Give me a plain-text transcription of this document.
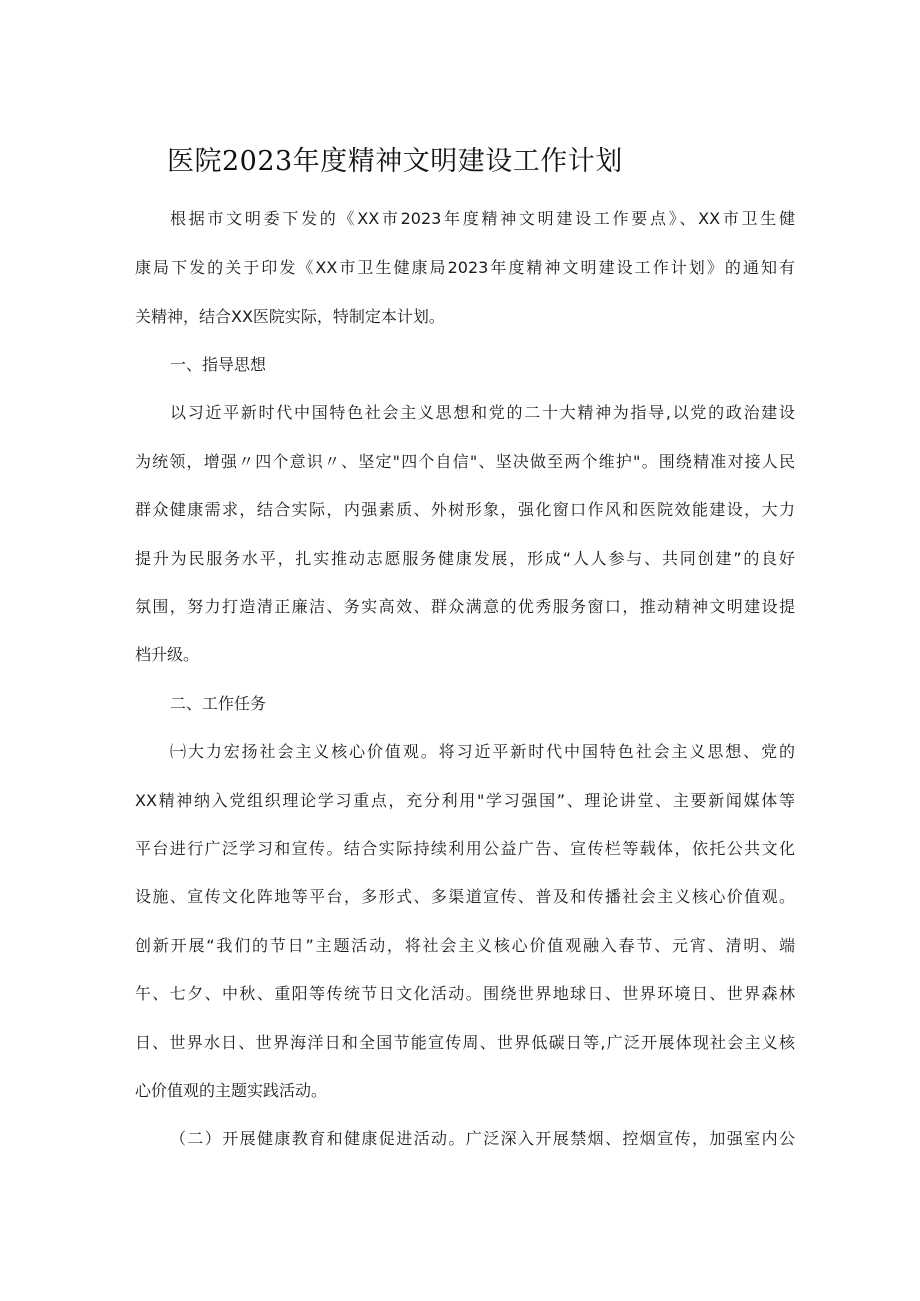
医院2023年度精神文明建设工作计划
根据市文明委下发的《XX市2023年度精神文明建设工作要点》、XX市卫生健
康局下发的关于印发《XX市卫生健康局2023年度精神文明建设工作计划》的通知有
关精神，结合XX医院实际，特制定本计划。
一、指导思想
以习近平新时代中国特色社会主义思想和党的二十大精神为指导,以党的政治建设
为统领，增强〃四个意识〃、坚定"四个自信"、坚决做至两个维护"。围绕精准对接人民
群众健康需求，结合实际，内强素质、外树形象，强化窗口作风和医院效能建设，大力
提升为民服务水平，扎实推动志愿服务健康发展，形成“人人参与、共同创建”的良好
氛围，努力打造清正廉洁、务实高效、群众满意的优秀服务窗口，推动精神文明建设提
档升级。
二、工作任务
㈠大力宏扬社会主义核心价值观。将习近平新时代中国特色社会主义思想、党的
XX精神纳入党组织理论学习重点，充分利用"学习强国”、理论讲堂、主要新闻媒体等
平台进行广泛学习和宣传。结合实际持续利用公益广告、宣传栏等载体，依托公共文化
设施、宣传文化阵地等平台，多形式、多渠道宣传、普及和传播社会主义核心价值观。
创新开展“我们的节日”主题活动，将社会主义核心价值观融入春节、元宵、清明、端
午、七夕、中秋、重阳等传统节日文化活动。围绕世界地球日、世界环境日、世界森林
日、世界水日、世界海洋日和全国节能宣传周、世界低碳日等,广泛开展体现社会主义核
心价值观的主题实践活动。
（二）开展健康教育和健康促进活动。广泛深入开展禁烟、控烟宣传，加强室内公
